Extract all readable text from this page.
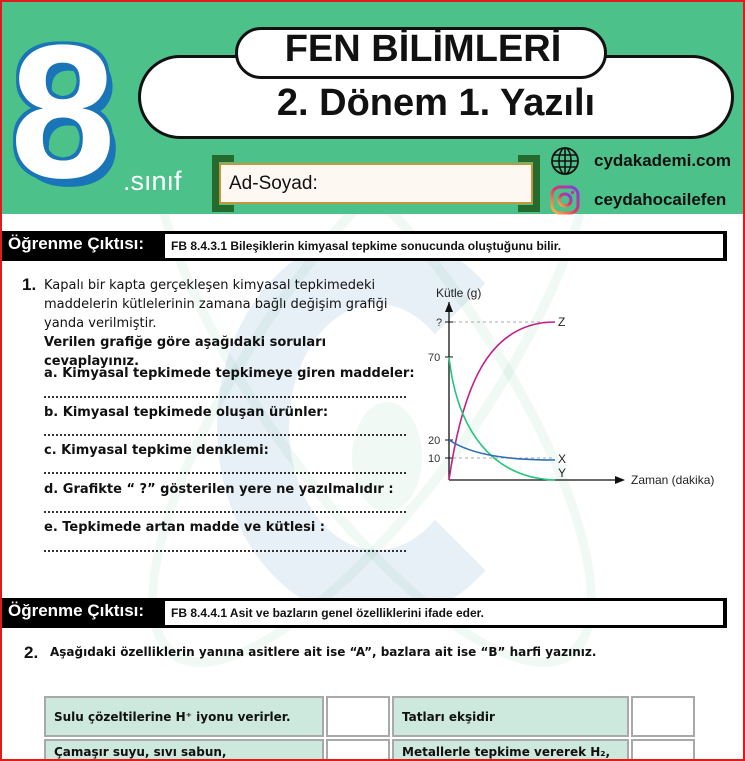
8 .sınıf
FEN BİLİMLERİ
2. Dönem 1. Yazılı
Ad-Soyad:
cydakademi.com
ceydahocailefen
Öğrenme Çıktısı:	FB 8.4.3.1 Bileşiklerin kimyasal tepkime sonucunda oluştuğunu bilir.
1. Kapalı bir kapta gerçekleşen kimyasal tepkimedeki
maddelerin kütlelerinin zamana bağlı değişim grafiği
yanda verilmiştir.
Verilen grafiğe göre aşağıdaki soruları cevaplayınız.
a. Kimyasal tepkimede tepkimeye giren maddeler:
b. Kimyasal tepkimede oluşan ürünler:
c. Kimyasal tepkime denklemi:
d. Grafikte “ ?” gösterilen yere ne yazılmalıdır :
e. Tepkimede artan madde ve kütlesi :
Kütle (g)
Zaman (dakika)
?
70
20
10
Z
X
Y
Öğrenme Çıktısı:	FB 8.4.4.1 Asit ve bazların genel özelliklerini ifade eder.
2. Aşağıdaki özelliklerin yanına asitlere ait ise “A”, bazlara ait ise “B” harfi yazınız.
Sulu çözeltilerine H⁺ iyonu verirler.		Tatları ekşidir	
Çamaşır suyu, sıvı sabun,		Metallerle tepkime vererek H₂,	
